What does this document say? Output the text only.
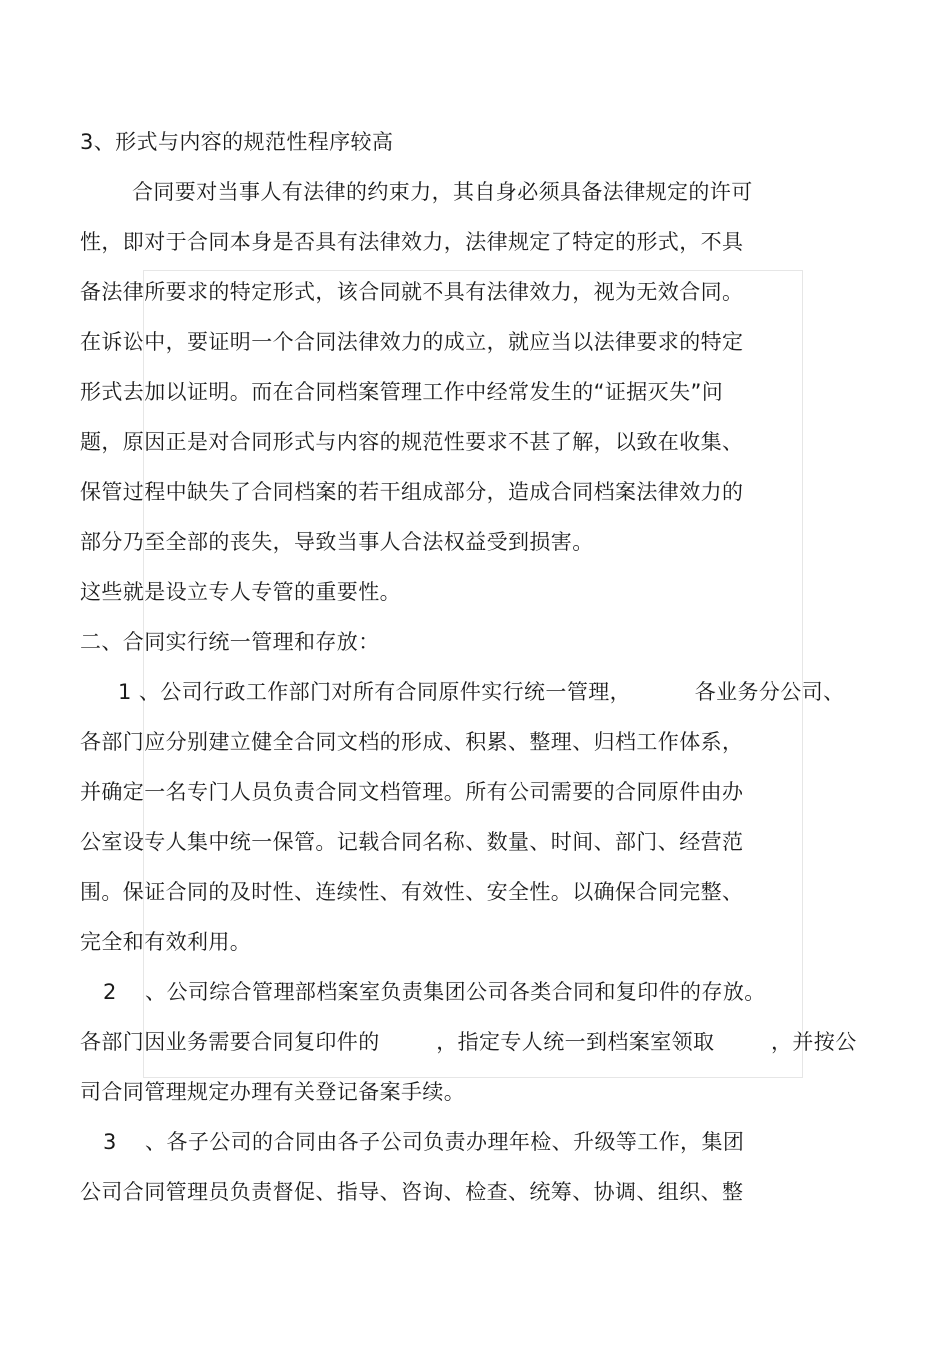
3、形式与内容的规范性程序较高
合同要对当事人有法律的约束力，其自身必须具备法律规定的许可
性，即对于合同本身是否具有法律效力，法律规定了特定的形式，不具
备法律所要求的特定形式，该合同就不具有法律效力，视为无效合同。
在诉讼中，要证明一个合同法律效力的成立，就应当以法律要求的特定
形式去加以证明。而在合同档案管理工作中经常发生的“证据灭失”问
题，原因正是对合同形式与内容的规范性要求不甚了解，以致在收集、
保管过程中缺失了合同档案的若干组成部分，造成合同档案法律效力的
部分乃至全部的丧失，导致当事人合法权益受到损害。
这些就是设立专人专管的重要性。
二、合同实行统一管理和存放：
1 、公司行政工作部门对所有合同原件实行统一管理，         各业务分公司、
各部门应分别建立健全合同文档的形成、积累、整理、归档工作体系，
并确定一名专门人员负责合同文档管理。所有公司需要的合同原件由办
公室设专人集中统一保管。记载合同名称、数量、时间、部门、经营范
围。保证合同的及时性、连续性、有效性、安全性。以确保合同完整、
完全和有效利用。
2    、公司综合管理部档案室负责集团公司各类合同和复印件的存放。
各部门因业务需要合同复印件的        ，指定专人统一到档案室领取        ，并按公
司合同管理规定办理有关登记备案手续。
3    、各子公司的合同由各子公司负责办理年检、升级等工作，集团
公司合同管理员负责督促、指导、咨询、检查、统筹、协调、组织、整
